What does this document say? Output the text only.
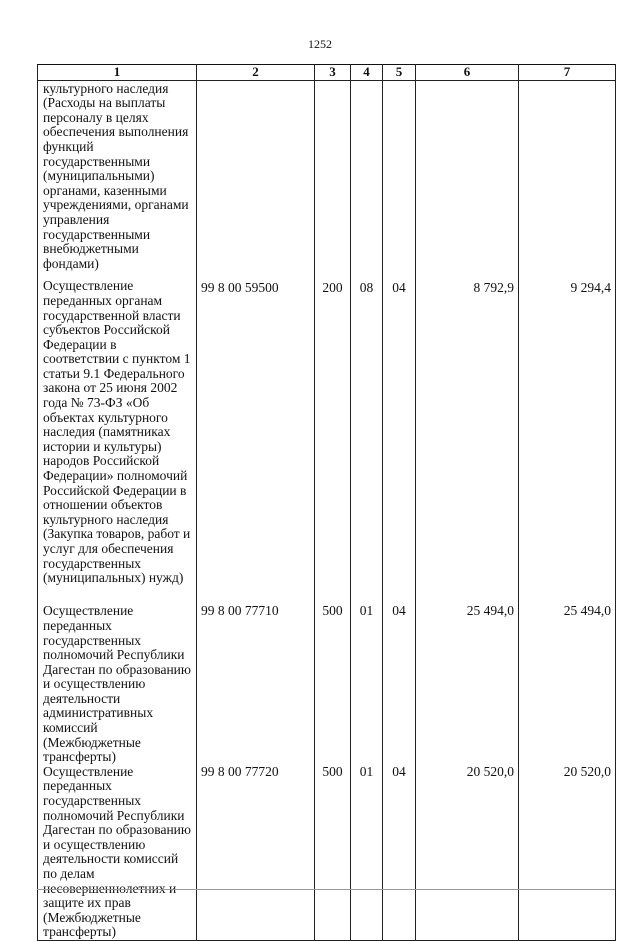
1252
1	2	3	4	5	6	7
культурного наследия (Расходы на выплаты персоналу в целях обеспечения выполнения функций государственными (муниципальными) органами, казенными учреждениями, органами управления государственными внебюджетными фондами)						
Осуществление переданных органам государственной власти субъектов Российской Федерации в соответствии с пунктом 1 статьи 9.1 Федерального закона от 25 июня 2002 года № 73-ФЗ «Об объектах культурного наследия (памятниках истории и культуры) народов Российской Федерации» полномочий Российской Федерации в отношении объектов культурного наследия (Закупка товаров, работ и услуг для обеспечения государственных (муниципальных) нужд)	99 8 00 59500	200	08	04	8 792,9	9 294,4
Осуществление переданных государственных полномочий Республики Дагестан по образованию и осуществлению деятельности административных комиссий (Межбюджетные трансферты)	99 8 00 77710	500	01	04	25 494,0	25 494,0
Осуществление переданных государственных полномочий Республики Дагестан по образованию и осуществлению деятельности комиссий по делам несовершеннолетних и защите их прав (Межбюджетные трансферты)	99 8 00 77720	500	01	04	20 520,0	20 520,0
